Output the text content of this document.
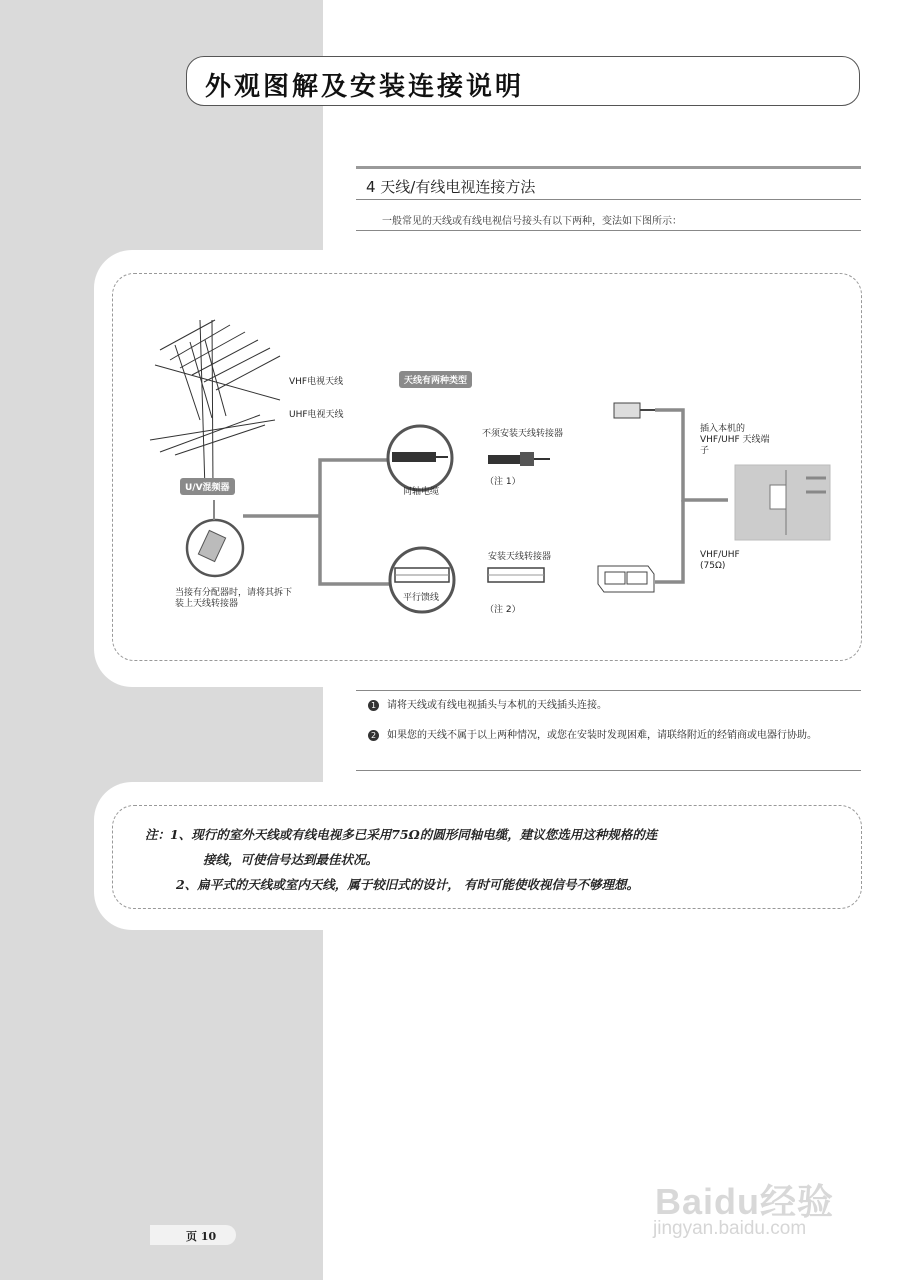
外观图解及安装连接说明
4 天线/有线电视连接方法
一般常见的天线或有线电视信号接头有以下两种，变法如下图所示：
VHF电视天线
UHF电视天线
天线有两种类型
U/V混频器
当接有分配器时，请将其拆下装上天线转接器
同轴电缆
不须安装天线转接器
（注 1）
平行馈线
安装天线转接器
（注 2）
插入本机的 VHF/UHF 天线端子
VHF/UHF (75Ω)
1 请将天线或有线电视插头与本机的天线插头连接。
2 如果您的天线不属于以上两种情况，或您在安装时发现困难，请联络附近的经销商或电器行协助。
注：1、现行的室外天线或有线电视多已采用75Ω的圆形同轴电缆，建议您选用这种规格的连
接线，可使信号达到最佳状况。
2、扁平式的天线或室内天线，属于较旧式的设计， 有时可能使收视信号不够理想。
页 10
Baidu经验
jingyan.baidu.com
